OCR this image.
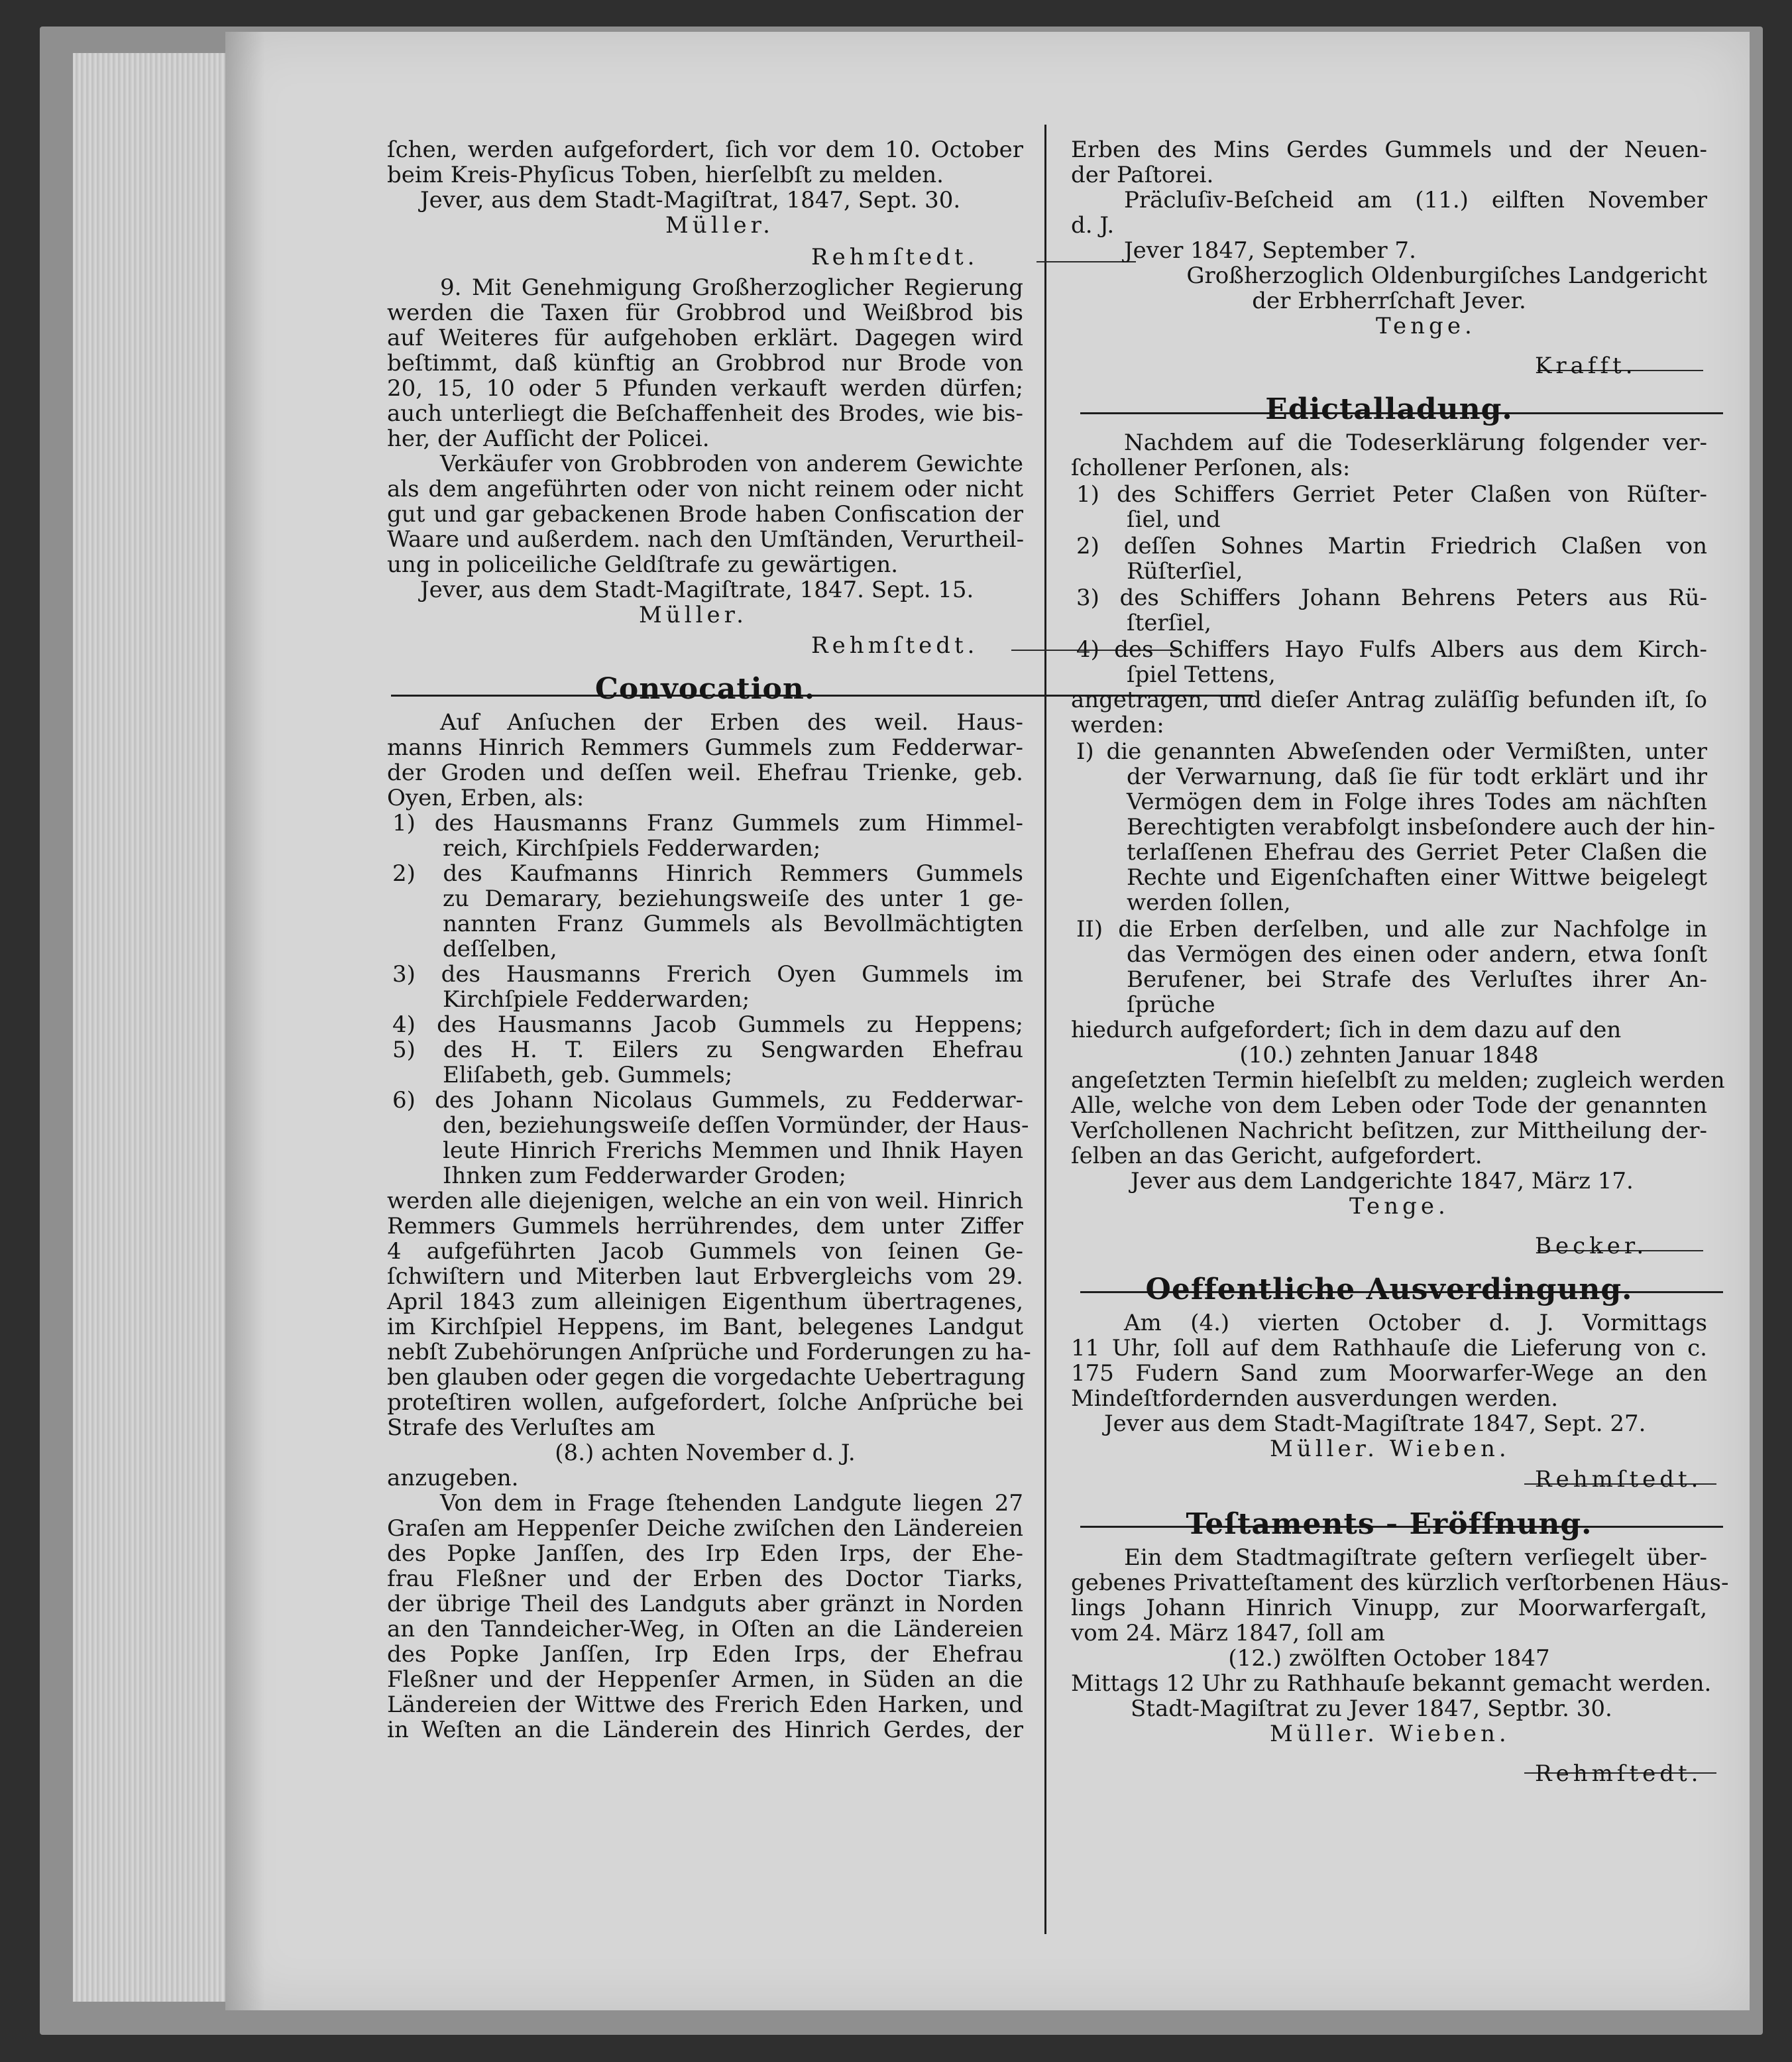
ſchen, werden aufgefordert, ſich vor dem 10. October
beim Kreis-Phyſicus Toben, hierſelbſt zu melden.
Jever, aus dem Stadt-Magiſtrat, 1847, Sept. 30.
Müller.
Rehmſtedt.
9. Mit Genehmigung Großherzoglicher Regierung
werden die Taxen für Grobbrod und Weißbrod bis
auf Weiteres für aufgehoben erklärt. Dagegen wird
beſtimmt, daß künftig an Grobbrod nur Brode von
20, 15, 10 oder 5 Pfunden verkauft werden dürfen;
auch unterliegt die Beſchaffenheit des Brodes, wie bis-
her, der Aufſicht der Policei.
Verkäufer von Grobbroden von anderem Gewichte
als dem angeführten oder von nicht reinem oder nicht
gut und gar gebackenen Brode haben Confiscation der
Waare und außerdem. nach den Umſtänden, Verurtheil-
ung in policeiliche Geldſtrafe zu gewärtigen.
Jever, aus dem Stadt-Magiſtrate, 1847. Sept. 15.
Müller.
Rehmſtedt.
Convocation.
Auf Anſuchen der Erben des weil. Haus-
manns Hinrich Remmers Gummels zum Fedderwar-
der Groden und deſſen weil. Ehefrau Trienke, geb.
Oyen, Erben, als:
1) des Hausmanns Franz Gummels zum Himmel-
reich, Kirchſpiels Fedderwarden;
2) des Kaufmanns Hinrich Remmers Gummels
zu Demarary, beziehungsweiſe des unter 1 ge-
nannten Franz Gummels als Bevollmächtigten
deſſelben,
3) des Hausmanns Frerich Oyen Gummels im
Kirchſpiele Fedderwarden;
4) des Hausmanns Jacob Gummels zu Heppens;
5) des H. T. Eilers zu Sengwarden Ehefrau
Eliſabeth, geb. Gummels;
6) des Johann Nicolaus Gummels, zu Fedderwar-
den, beziehungsweiſe deſſen Vormünder, der Haus-
leute Hinrich Frerichs Memmen und Ihnik Hayen
Ihnken zum Fedderwarder Groden;
werden alle diejenigen, welche an ein von weil. Hinrich
Remmers Gummels herrührendes, dem unter Ziffer
4 aufgeführten Jacob Gummels von ſeinen Ge-
ſchwiſtern und Miterben laut Erbvergleichs vom 29.
April 1843 zum alleinigen Eigenthum übertragenes,
im Kirchſpiel Heppens, im Bant, belegenes Landgut
nebſt Zubehörungen Anſprüche und Forderungen zu ha-
ben glauben oder gegen die vorgedachte Uebertragung
proteſtiren wollen, aufgefordert, ſolche Anſprüche bei
Strafe des Verluſtes am
(8.) achten November d. J.
anzugeben.
Von dem in Frage ſtehenden Landgute liegen 27
Graſen am Heppenſer Deiche zwiſchen den Ländereien
des Popke Janſſen, des Irp Eden Irps, der Ehe-
frau Fleßner und der Erben des Doctor Tiarks,
der übrige Theil des Landguts aber gränzt in Norden
an den Tanndeicher-Weg, in Oſten an die Ländereien
des Popke Janſſen, Irp Eden Irps, der Ehefrau
Fleßner und der Heppenſer Armen, in Süden an die
Ländereien der Wittwe des Frerich Eden Harken, und
in Weſten an die Länderein des Hinrich Gerdes, der
Erben des Mins Gerdes Gummels und der Neuen-
der Paſtorei.
Präcluſiv-Beſcheid am (11.) eilften November
d. J.
Jever 1847, September 7.
Großherzoglich Oldenburgiſches Landgericht
der Erbherrſchaft Jever.
Tenge.
Krafft.
Edictalladung.
Nachdem auf die Todeserklärung folgender ver-
ſchollener Perſonen, als:
1) des Schiffers Gerriet Peter Claßen von Rüſter-
ſiel, und
2) deſſen Sohnes Martin Friedrich Claßen von
Rüſterſiel,
3) des Schiffers Johann Behrens Peters aus Rü-
ſterſiel,
4) des Schiffers Hayo Fulfs Albers aus dem Kirch-
ſpiel Tettens,
angetragen, und dieſer Antrag zuläſſig befunden iſt, ſo
werden:
I) die genannten Abweſenden oder Vermißten, unter
der Verwarnung, daß ſie für todt erklärt und ihr
Vermögen dem in Folge ihres Todes am nächſten
Berechtigten verabfolgt insbeſondere auch der hin-
terlaſſenen Ehefrau des Gerriet Peter Claßen die
Rechte und Eigenſchaften einer Wittwe beigelegt
werden ſollen,
II) die Erben derſelben, und alle zur Nachfolge in
das Vermögen des einen oder andern, etwa ſonſt
Berufener, bei Strafe des Verluſtes ihrer An-
ſprüche
hiedurch aufgefordert; ſich in dem dazu auf den
(10.) zehnten Januar 1848
angeſetzten Termin hieſelbſt zu melden; zugleich werden
Alle, welche von dem Leben oder Tode der genannten
Verſchollenen Nachricht beſitzen, zur Mittheilung der-
ſelben an das Gericht, aufgefordert.
Jever aus dem Landgerichte 1847, März 17.
Tenge.
Becker.
Oeffentliche Ausverdingung.
Am (4.) vierten October d. J. Vormittags
11 Uhr, ſoll auf dem Rathhauſe die Lieferung von c.
175 Fudern Sand zum Moorwarfer-Wege an den
Mindeſtfordernden ausverdungen werden.
Jever aus dem Stadt-Magiſtrate 1847, Sept. 27.
Müller. Wieben.
Rehmſtedt.
Teſtaments - Eröffnung.
Ein dem Stadtmagiſtrate geſtern verſiegelt über-
gebenes Privatteſtament des kürzlich verſtorbenen Häus-
lings Johann Hinrich Vinupp, zur Moorwarfergaſt,
vom 24. März 1847, ſoll am
(12.) zwölften October 1847
Mittags 12 Uhr zu Rathhauſe bekannt gemacht werden.
Stadt-Magiſtrat zu Jever 1847, Septbr. 30.
Müller. Wieben.
Rehmſtedt.
